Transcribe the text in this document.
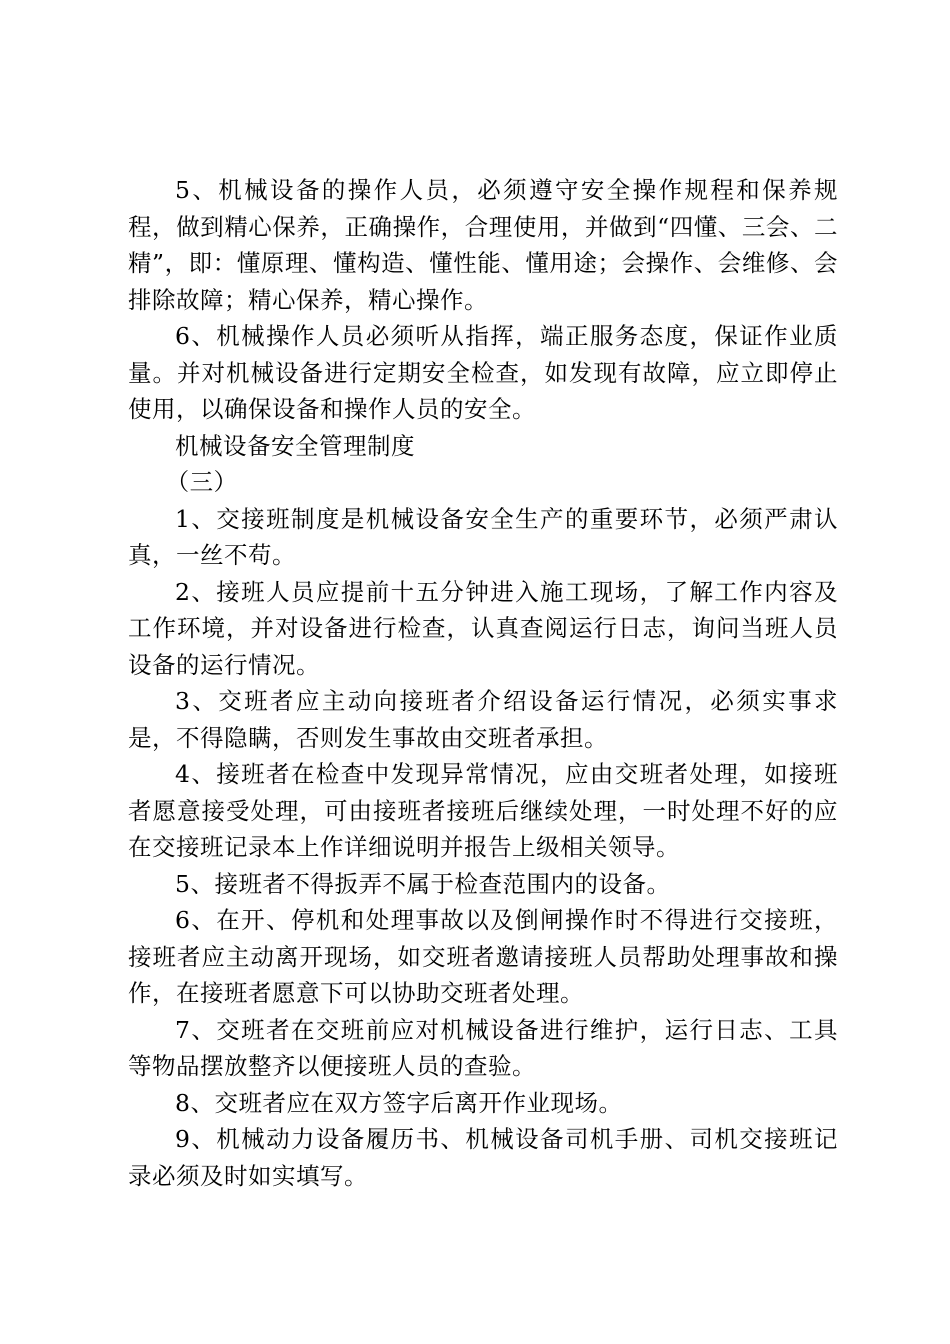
5、机械设备的操作人员，必须遵守安全操作规程和保养规程，做到精心保养，正确操作，合理使用，并做到“四懂、三会、二精”，即：懂原理、懂构造、懂性能、懂用途；会操作、会维修、会排除故障；精心保养，精心操作。

6、机械操作人员必须听从指挥，端正服务态度，保证作业质量。并对机械设备进行定期安全检查，如发现有故障，应立即停止使用，以确保设备和操作人员的安全。

机械设备安全管理制度

（三）

1、交接班制度是机械设备安全生产的重要环节，必须严肃认真，一丝不苟。

2、接班人员应提前十五分钟进入施工现场，了解工作内容及工作环境，并对设备进行检查，认真查阅运行日志，询问当班人员设备的运行情况。

3、交班者应主动向接班者介绍设备运行情况，必须实事求是，不得隐瞒，否则发生事故由交班者承担。

4、接班者在检查中发现异常情况，应由交班者处理，如接班者愿意接受处理，可由接班者接班后继续处理，一时处理不好的应在交接班记录本上作详细说明并报告上级相关领导。

5、接班者不得扳弄不属于检查范围内的设备。

6、在开、停机和处理事故以及倒闸操作时不得进行交接班，接班者应主动离开现场，如交班者邀请接班人员帮助处理事故和操作，在接班者愿意下可以协助交班者处理。

7、交班者在交班前应对机械设备进行维护，运行日志、工具等物品摆放整齐以便接班人员的查验。

8、交班者应在双方签字后离开作业现场。

9、机械动力设备履历书、机械设备司机手册、司机交接班记录必须及时如实填写。
